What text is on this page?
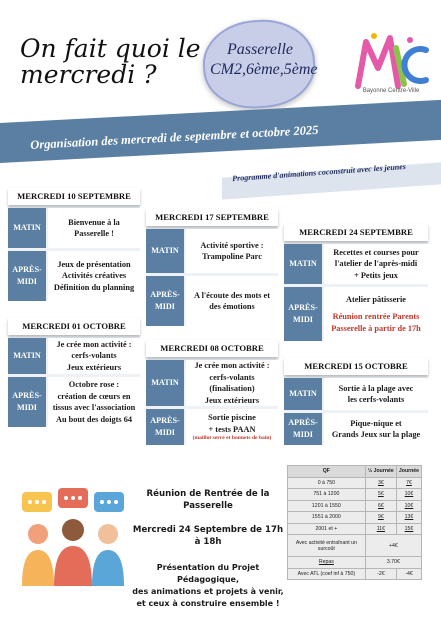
On fait quoi le
mercredi ?
Passerelle
CM2,6ème,5ème
Bayonne Centre-Ville
Organisation des mercredi de septembre et octobre 2025
Programme d'animations coconstruit avec les jeunes
MERCREDI 10 SEPTEMBRE
MATIN
Bienvenue à la
Passerelle !
APRÈS-
MIDI
Jeux de présentation
Activités créatives
Définition du planning
MERCREDI 17 SEPTEMBRE
MATIN
Activité sportive :
Trampoline Parc
APRÈS-
MIDI
A l'écoute des mots et
des émotions
MERCREDI 24 SEPTEMBRE
MATIN
Recettes et courses pour
l'atelier de l'après-midi
+ Petits jeux
APRÈS-
MIDI
Atelier pâtisserie
Réunion rentrée Parents
Passerelle à partir de 17h
MERCREDI 01 OCTOBRE
MATIN
Je crée mon activité :
cerfs-volants
Jeux extérieurs
APRÈS-
MIDI
Octobre rose :
création de cœurs en
tissus avec l'association
Au bout des doigts 64
MERCREDI 08 OCTOBRE
MATIN
Je crée mon activité :
cerfs-volants
(finalisation)
Jeux extérieurs
APRÈS-
MIDI
Sortie piscine
+ tests PAAN
(maillot serré et bonnets de bain)
MERCREDI 15 OCTOBRE
MATIN
Sortie à la plage avec
les cerfs-volants
APRÈS-
MIDI
Pique-nique et
Grands Jeux sur la plage
Réunion de Rentrée de la Passerelle
Mercredi 24 Septembre de 17h à 18h
Présentation du Projet Pédagogique,
des animations et projets à venir,
et ceux à construire ensemble !
QF	½ Journée	Journée
0 à 750	3€	7€
751 à 1200	5€	10€
1201 à 1550	6€	10€
1551 à 2000	9€	13€
2001 et +	11€	15€
Avec activité entraînant un surcoût	+4€	
Repas	3.70€	
Avec ATL (coef inf à 750)	-2€	-4€
